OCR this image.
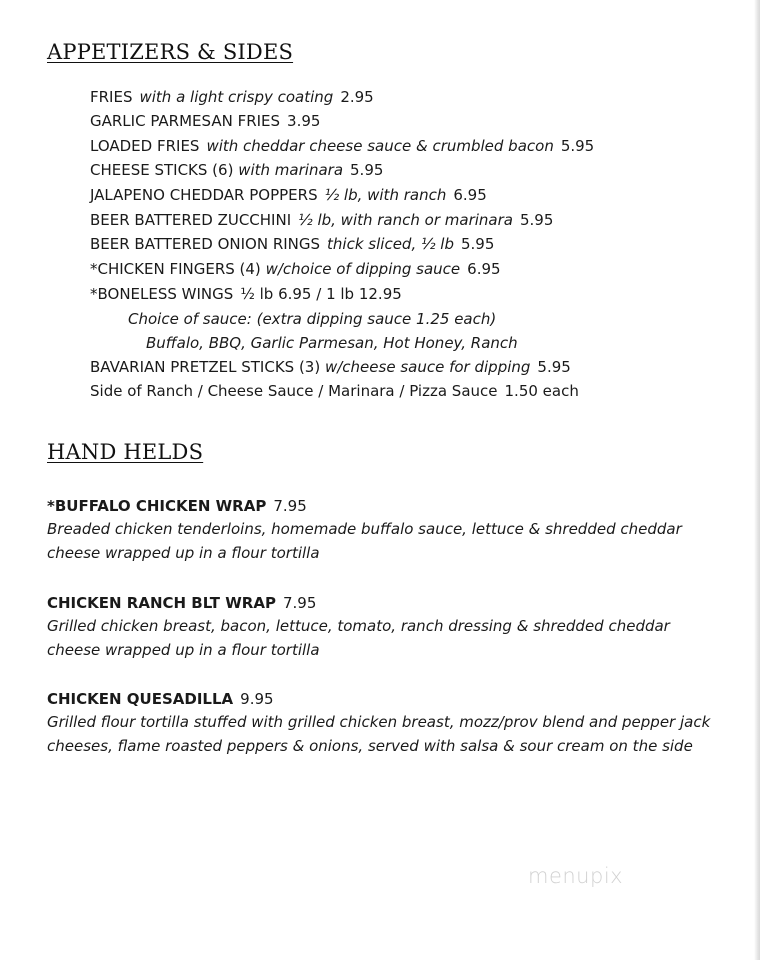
APPETIZERS & SIDES
FRIES with a light crispy coating 2.95
GARLIC PARMESAN FRIES 3.95
LOADED FRIES with cheddar cheese sauce & crumbled bacon 5.95
CHEESE STICKS (6) with marinara 5.95
JALAPENO CHEDDAR POPPERS ½ lb, with ranch 6.95
BEER BATTERED ZUCCHINI ½ lb, with ranch or marinara 5.95
BEER BATTERED ONION RINGS thick sliced, ½ lb 5.95
*CHICKEN FINGERS (4) w/choice of dipping sauce 6.95
*BONELESS WINGS ½ lb 6.95 / 1 lb 12.95
Choice of sauce: (extra dipping sauce 1.25 each)
Buffalo, BBQ, Garlic Parmesan, Hot Honey, Ranch
BAVARIAN PRETZEL STICKS (3) w/cheese sauce for dipping 5.95
Side of Ranch / Cheese Sauce / Marinara / Pizza Sauce 1.50 each
HAND HELDS
*BUFFALO CHICKEN WRAP 7.95
Breaded chicken tenderloins, homemade buffalo sauce, lettuce & shredded cheddar cheese wrapped up in a flour tortilla
CHICKEN RANCH BLT WRAP 7.95
Grilled chicken breast, bacon, lettuce, tomato, ranch dressing & shredded cheddar cheese wrapped up in a flour tortilla
CHICKEN QUESADILLA 9.95
Grilled flour tortilla stuffed with grilled chicken breast, mozz/prov blend and pepper jack cheeses, flame roasted peppers & onions, served with salsa & sour cream on the side
menupix
